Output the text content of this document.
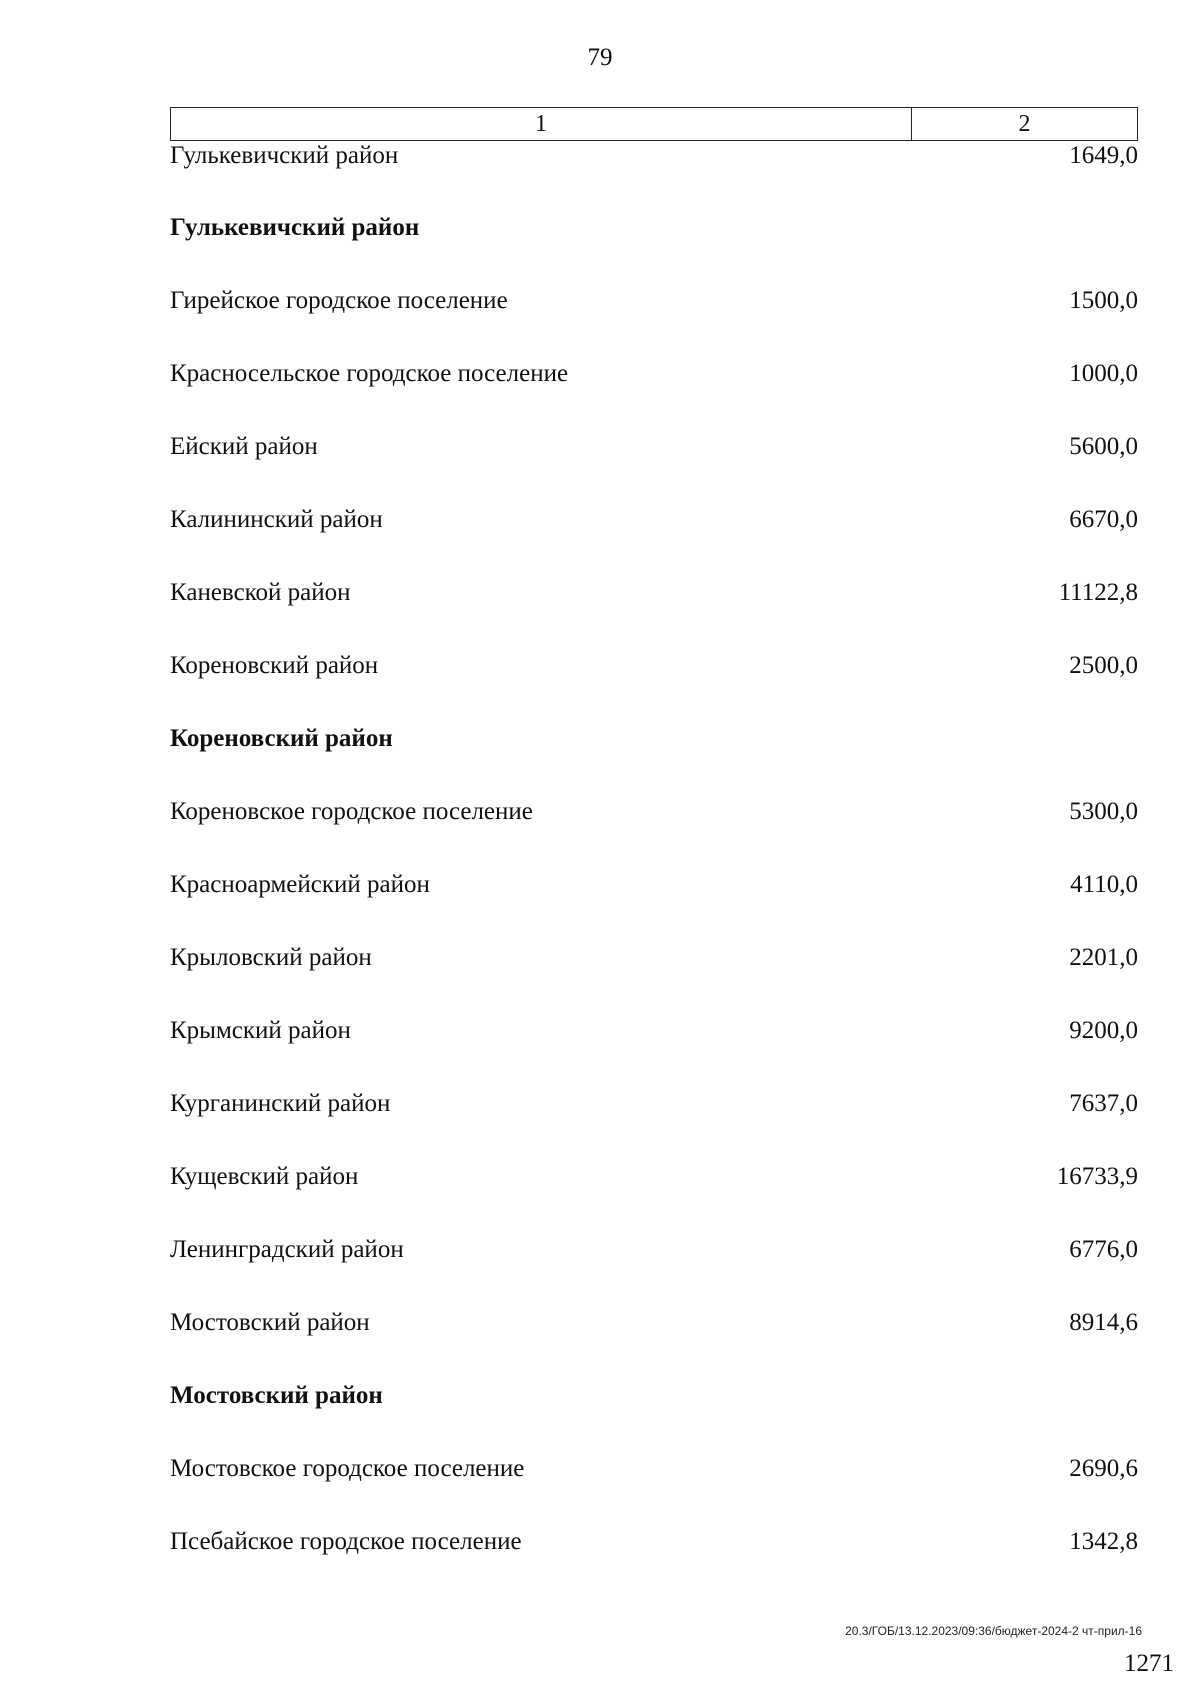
79
1	2
Гулькевичский район	1649,0
Гулькевичский район
Гирейское городское поселение	1500,0
Красносельское городское поселение	1000,0
Ейский район	5600,0
Калининский район	6670,0
Каневской район	11122,8
Кореновский район	2500,0
Кореновский район
Кореновское городское поселение	5300,0
Красноармейский район	4110,0
Крыловский район	2201,0
Крымский район	9200,0
Курганинский район	7637,0
Кущевский район	16733,9
Ленинградский район	6776,0
Мостовский район	8914,6
Мостовский район
Мостовское городское поселение	2690,6
Псебайское городское поселение	1342,8
20.3/ГОБ/13.12.2023/09:36/бюджет-2024-2 чт-прил-16
1271
